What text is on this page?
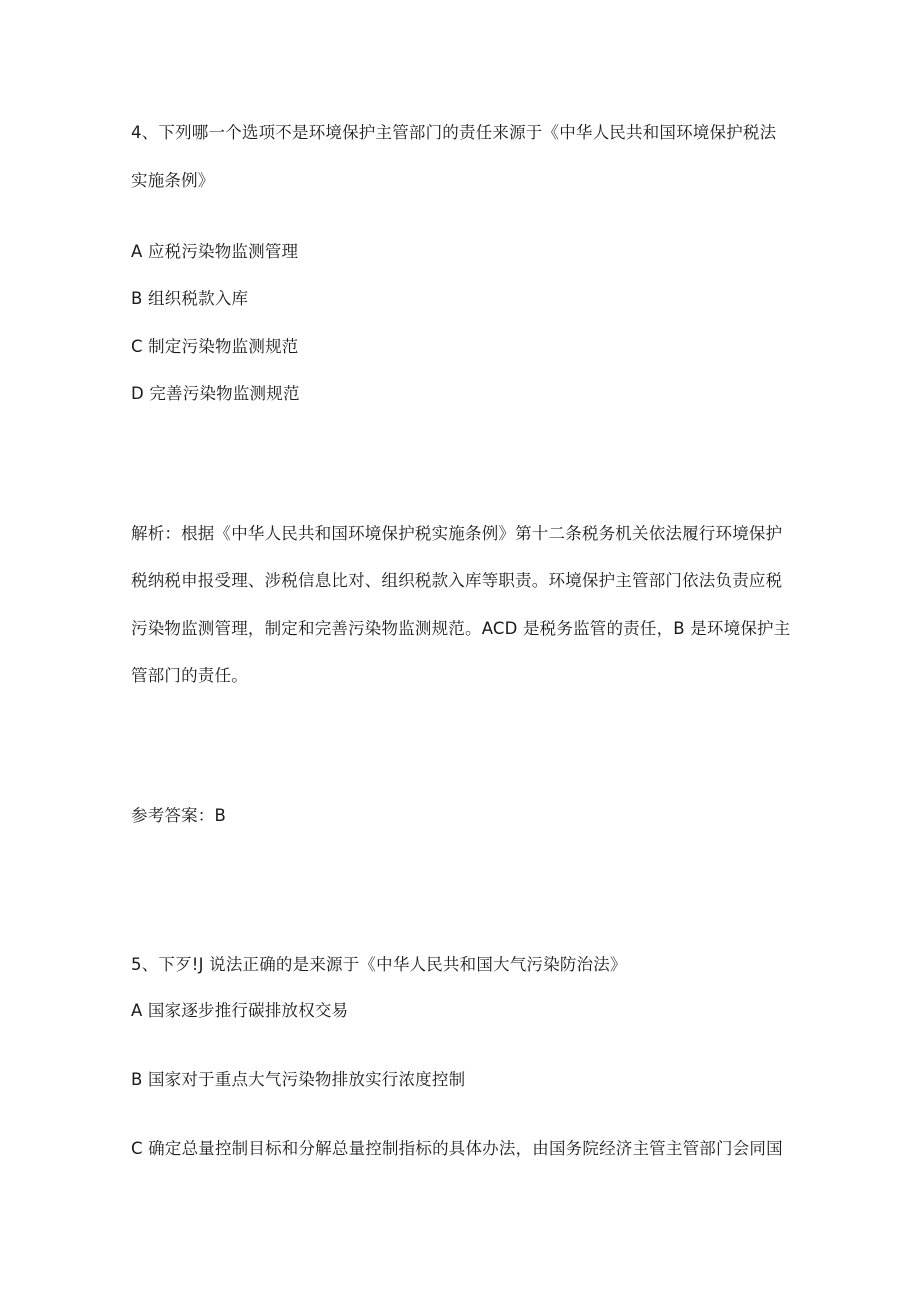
4、下列哪一个选项不是环境保护主管部门的责任来源于《中华人民共和国环境保护税法
实施条例》
A 应税污染物监测管理
B 组织税款入库
C 制定污染物监测规范
D 完善污染物监测规范
解析：根据《中华人民共和国环境保护税实施条例》第十二条税务机关依法履行环境保护
税纳税申报受理、涉税信息比对、组织税款入库等职责。环境保护主管部门依法负责应税
污染物监测管理，制定和完善污染物监测规范。ACD 是税务监管的责任，B 是环境保护主
管部门的责任。
参考答案：B
5、下歹!J 说法正确的是来源于《中华人民共和国大气污染防治法》
A 国家逐步推行碳排放权交易
B 国家对于重点大气污染物排放实行浓度控制
C 确定总量控制目标和分解总量控制指标的具体办法，由国务院经济主管主管部门会同国
